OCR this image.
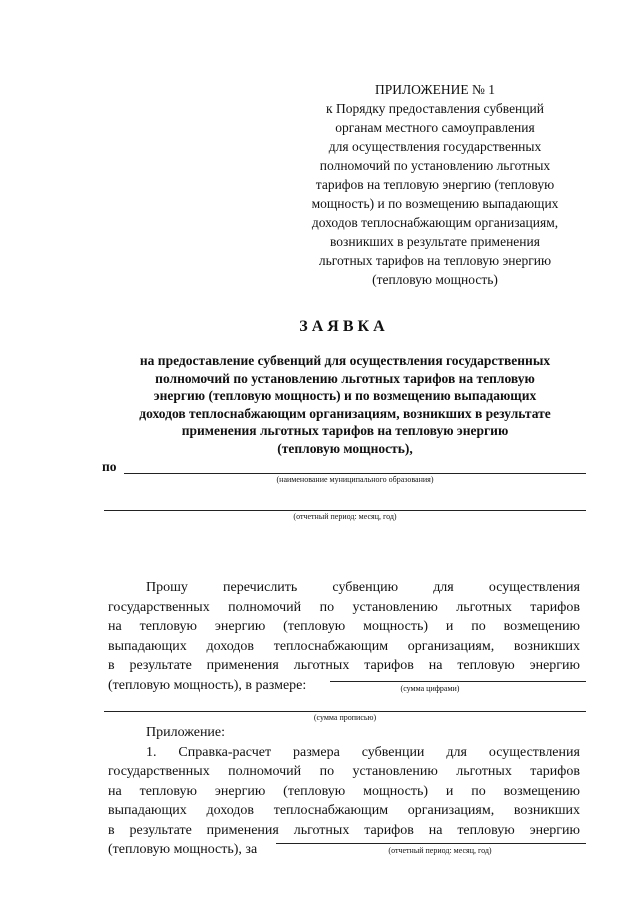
ПРИЛОЖЕНИЕ № 1
к Порядку предоставления субвенций
органам местного самоуправления
для осуществления государственных
полномочий по установлению льготных
тарифов на тепловую энергию (тепловую
мощность) и по возмещению выпадающих
доходов теплоснабжающим организациям,
возникших в результате применения
льготных тарифов на тепловую энергию
(тепловую мощность)
ЗАЯВКА
на предоставление субвенций для осуществления государственных
полномочий по установлению льготных тарифов на тепловую
энергию (тепловую мощность) и по возмещению выпадающих
доходов теплоснабжающим организациям, возникших в результате
применения льготных тарифов на тепловую энергию
(тепловую мощность),
по
(наименование муниципального образования)
(отчетный период: месяц, год)
Прошу	перечислить	субвенцию	для	осуществления
государственных полномочий по установлению льготных тарифов
на тепловую энергию (тепловую мощность) и по возмещению
выпадающих доходов теплоснабжающим организациям, возникших
в результате применения льготных тарифов на тепловую энергию
(тепловую мощность), в размере:	(сумма цифрами)
(сумма прописью)
Приложение:
1. Справка-расчет размера субвенции для осуществления
государственных полномочий по установлению льготных тарифов
на тепловую энергию (тепловую мощность) и по возмещению
выпадающих доходов теплоснабжающим организациям, возникших
в результате применения льготных тарифов на тепловую энергию
(тепловую мощность), за	(отчетный период: месяц, год)
